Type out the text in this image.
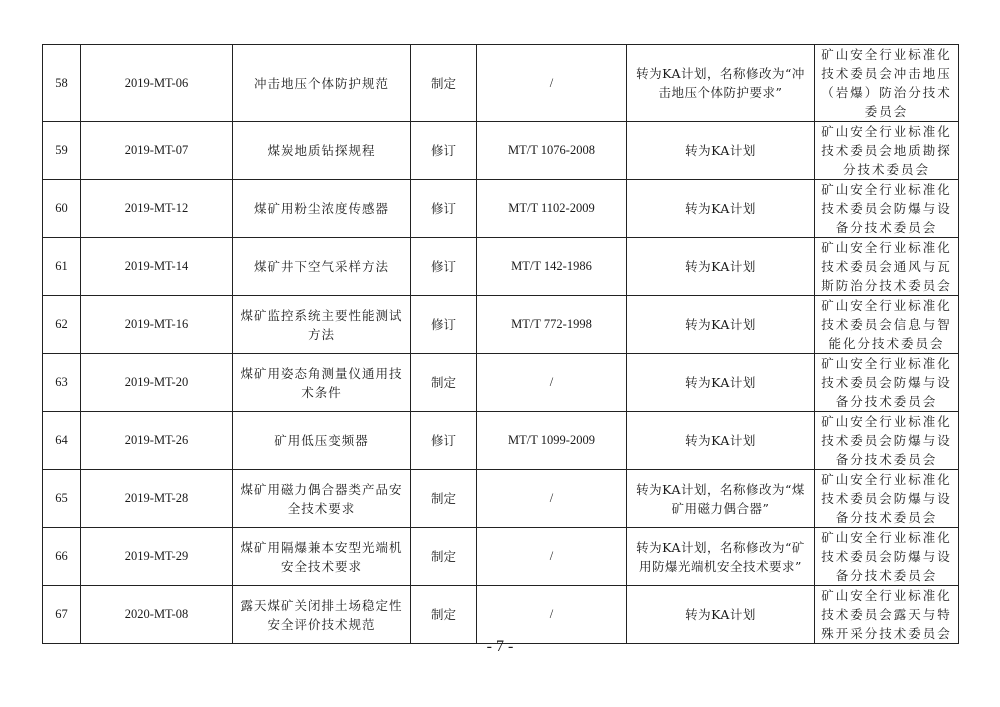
58	2019-MT-06	冲击地压个体防护规范	制定	/	转为KA计划，名称修改为“冲击地压个体防护要求”	矿山安全行业标准化技术委员会冲击地压（岩爆）防治分技术委员会
59	2019-MT-07	煤炭地质钻探规程	修订	MT/T 1076-2008	转为KA计划	矿山安全行业标准化技术委员会地质勘探分技术委员会
60	2019-MT-12	煤矿用粉尘浓度传感器	修订	MT/T 1102-2009	转为KA计划	矿山安全行业标准化技术委员会防爆与设备分技术委员会
61	2019-MT-14	煤矿井下空气采样方法	修订	MT/T 142-1986	转为KA计划	矿山安全行业标准化技术委员会通风与瓦斯防治分技术委员会
62	2019-MT-16	煤矿监控系统主要性能测试方法	修订	MT/T 772-1998	转为KA计划	矿山安全行业标准化技术委员会信息与智能化分技术委员会
63	2019-MT-20	煤矿用姿态角测量仪通用技术条件	制定	/	转为KA计划	矿山安全行业标准化技术委员会防爆与设备分技术委员会
64	2019-MT-26	矿用低压变频器	修订	MT/T 1099-2009	转为KA计划	矿山安全行业标准化技术委员会防爆与设备分技术委员会
65	2019-MT-28	煤矿用磁力偶合器类产品安全技术要求	制定	/	转为KA计划，名称修改为“煤矿用磁力偶合器”	矿山安全行业标准化技术委员会防爆与设备分技术委员会
66	2019-MT-29	煤矿用隔爆兼本安型光端机安全技术要求	制定	/	转为KA计划，名称修改为“矿用防爆光端机安全技术要求”	矿山安全行业标准化技术委员会防爆与设备分技术委员会
67	2020-MT-08	露天煤矿关闭排土场稳定性安全评价技术规范	制定	/	转为KA计划	矿山安全行业标准化技术委员会露天与特殊开采分技术委员会
- 7 -
